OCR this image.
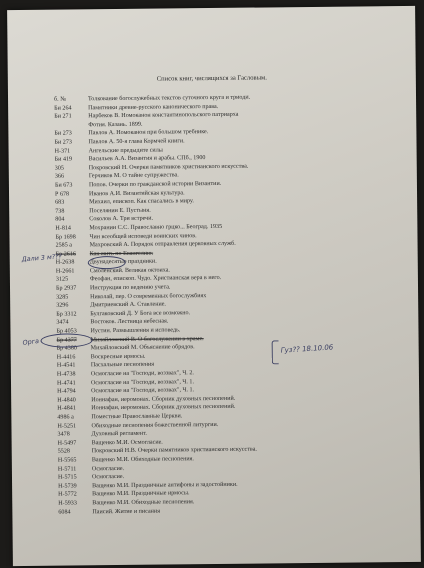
Список книг, числящихся за Гасловым.
б. №	Толкование богослужебных текстов суточного круга и триоди.
Би 264	Памятники древне-русского канонического права.
Би 271	Нарбеков В. Номоканон константинопольского патриарха
Фотия. Казань. 1899.
Би 273	Павлов А. Номоканон при большом требнике.
Би 273	Павлов А. 50-я глава Кормчей книги.
Н-371	Ангельские предыдите силы
Би 419	Васильев А.А. Византия и арабы. СПб., 1900
305	Покровский Н. Очерки памятников христианского искусства.
366	Герчиков М. О тайне супружества.
Би 673	Попов. Очерки по гражданской истории Византии.
Р 678	Иванов А.И. Византийская культура.
683	Михаил, епископ. Как спасались в миру.
738	Поселянин Е. Пустыня.
804	Соколов А. Три встречи.
Н-814	Мохранин С.С. Православно грцко... Београд. 1935
Бр 1698	Чин всеобщей исповеди воинских чинов.
2585 а	Махровский А. Порядок отправления церковных служб.
Бр 2616	Как жить по Евангелию.
Н-2638	Двунадесятые праздники.
Н-2661	Смоленский. Великая октоиха.
3125	Феофан, епископ. Чудо. Христианская вера в него.
Бр 2937	Инструкция по ведению учета.
3285	Николай, пер. О современных богослужбиях
3296	Дмитриевский А. Ставление.
Бр 3312	Булгаковский Д. У Бога все возможно.
3474	Востоков. Лествица небесная.
Бр 4053	Иустин. Размышления и исповедь.
Бр 4377	Михайловский В. О богослужении в храме.
Бр 4380	Михайловский М. Объяснение обрядов.
Н-4416	Воскресные ирмосы.
Н-4541	Пасхальные песнопения
Н-4738	Осмогласие на "Господи, воззвах", Ч. 2.
Н-4741	Осмогласие на "Господи, воззвах", Ч. 1.
Н-4794	Осмогласие на "Господи, воззвах", Ч. 1.
Н-4840	Ионнафан, иеромонах. Сборник духовных песнопений.
Н-4841	Ионнафан, иеромонах. Сборник духовных песнопений.
4986 а	Поместные Православные Церкви.
Н-5251	Обиходные песнопения божественной литургии.
3478	Духовный регламент.
Н-5497	Ващенко М.И. Осмогласие.
5528	Покровский Н.В. Очерки памятников христианского искусства.
Н-5565	Ващенко М.И. Обиходные песнопения.
Н-5711	Осмогласие.
Н-5715	Осмогласие.
Н-5739	Ващенко М.И. Праздничные антифоны и задостойники.
Н-5772	Ващенко М.И. Праздничные ирмосы.
Н-5933	Ващенко М.И. Обиходные песнопения.
6084	Паисий. Житие и писания
Дали 3 м???
Орга
Гуз?? 18.10.06
